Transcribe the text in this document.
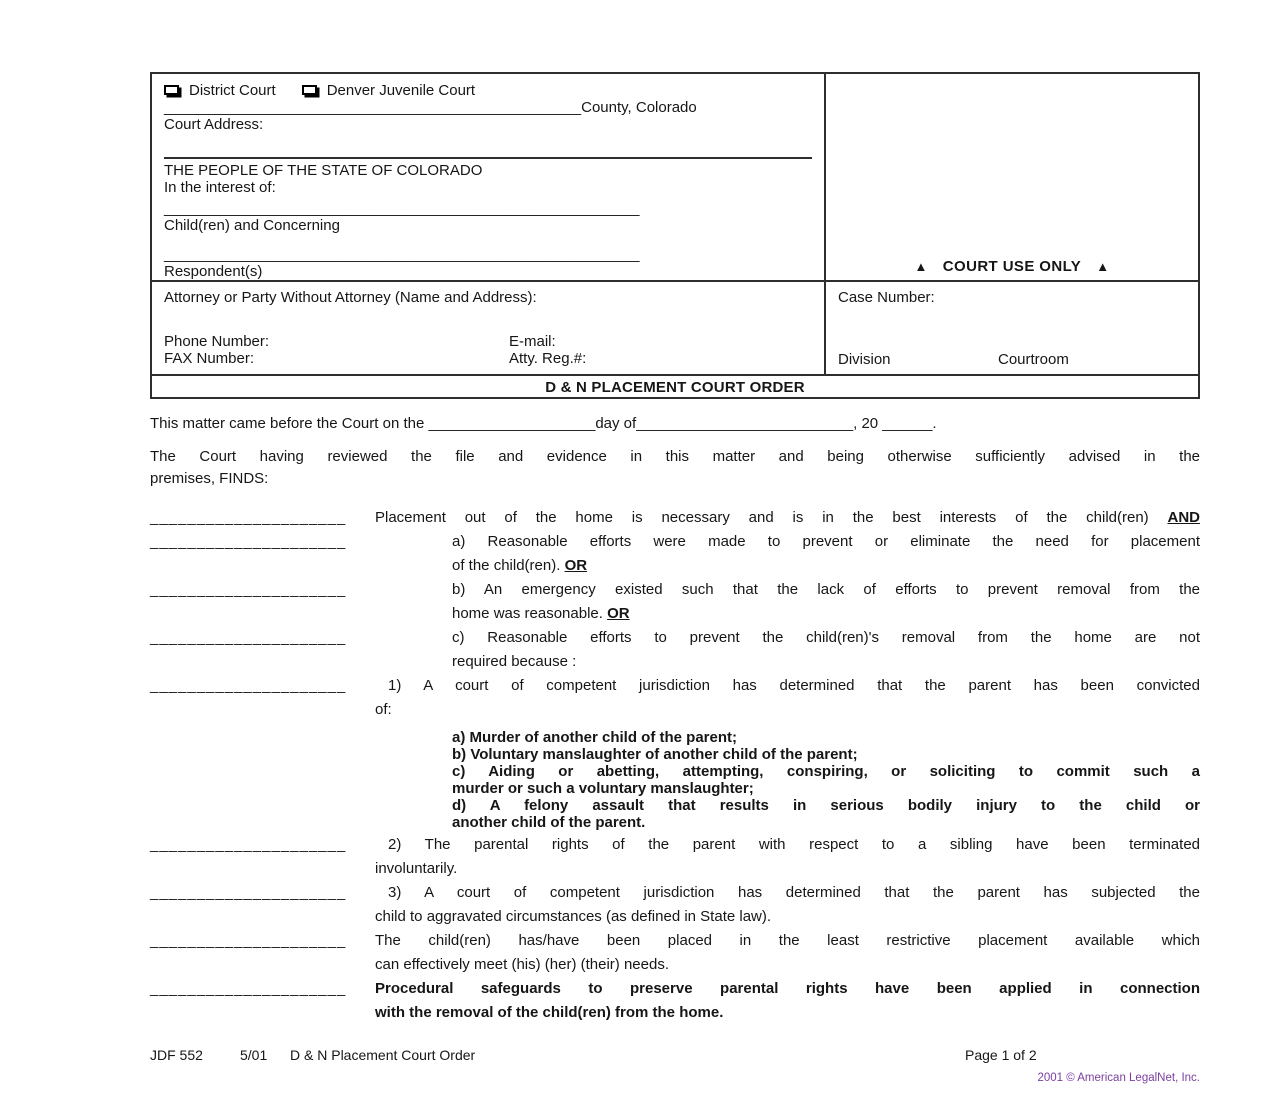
District Court	Denver Juvenile Court
__________________________________________________County, Colorado
Court Address:
THE PEOPLE OF THE STATE OF COLORADO
In the interest of:
_________________________________________________________
Child(ren) and Concerning
_________________________________________________________
Respondent(s)
Attorney or Party Without Attorney (Name and Address):
Phone Number:	E-mail:
FAX Number:	Atty. Reg.#:
▲ COURT USE ONLY ▲
Case Number:
Division	Courtroom
D & N PLACEMENT COURT ORDER
This matter came before the Court on the ____________________day of__________________________, 20 ______.
The Court having reviewed the file and evidence in this matter and being otherwise sufficiently advised in the
premises, FINDS:
_____________________	Placement out of the home is necessary and is in the best interests of the child(ren) AND
_____________________	a) Reasonable efforts were made to prevent or eliminate the need for placement
of the child(ren). OR
_____________________	b) An emergency existed such that the lack of efforts to prevent removal from the
home was reasonable. OR
_____________________	c) Reasonable efforts to prevent the child(ren)'s removal from the home are not
required because :
_____________________	1) A court of competent jurisdiction has determined that the parent has been convicted
of:
a) Murder of another child of the parent;
b) Voluntary manslaughter of another child of the parent;
c) Aiding or abetting, attempting, conspiring, or soliciting to commit such a
murder or such a voluntary manslaughter;
d) A felony assault that results in serious bodily injury to the child or
another child of the parent.
_____________________	2) The parental rights of the parent with respect to a sibling have been terminated
involuntarily.
_____________________	3) A court of competent jurisdiction has determined that the parent has subjected the
child to aggravated circumstances (as defined in State law).
_____________________	The child(ren) has/have been placed in the least restrictive placement available which
can effectively meet (his) (her) (their) needs.
_____________________	Procedural safeguards to preserve parental rights have been applied in connection
with the removal of the child(ren) from the home.
JDF 552	5/01 D & N Placement Court Order	Page 1 of 2
2001 © American LegalNet, Inc.
